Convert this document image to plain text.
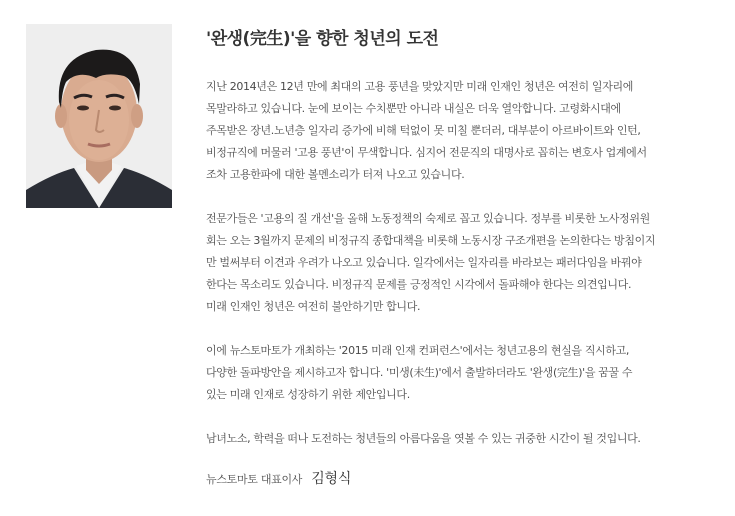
'완생(完生)'을 향한 청년의 도전
지난 2014년은 12년 만에 최대의 고용 풍년을 맞았지만 미래 인재인 청년은 여전히 일자리에
목말라하고 있습니다. 눈에 보이는 수치뿐만 아니라 내실은 더욱 열악합니다. 고령화시대에
주목받은 장년.노년층 일자리 증가에 비해 턱없이 못 미칠 뿐더러, 대부분이 아르바이트와 인턴,
비정규직에 머물러 '고용 풍년'이 무색합니다. 심지어 전문직의 대명사로 꼽히는 변호사 업계에서
조차 고용한파에 대한 볼멘소리가 터져 나오고 있습니다.
전문가들은 '고용의 질 개선'을 올해 노동정책의 숙제로 꼽고 있습니다. 정부를 비롯한 노사정위원
회는 오는 3월까지 문제의 비정규직 종합대책을 비롯해 노동시장 구조개편을 논의한다는 방침이지
만 벌써부터 이견과 우려가 나오고 있습니다. 일각에서는 일자리를 바라보는 패러다임을 바꿔야
한다는 목소리도 있습니다. 비정규직 문제를 긍정적인 시각에서 돌파해야 한다는 의견입니다.
미래 인재인 청년은 여전히 불안하기만 합니다.
이에 뉴스토마토가 개최하는 '2015 미래 인재 컨퍼런스'에서는 청년고용의 현실을 직시하고,
다양한 돌파방안을 제시하고자 합니다. '미생(未生)'에서 출발하더라도 '완생(完生)'을 꿈꿀 수
있는 미래 인재로 성장하기 위한 제안입니다.
남녀노소, 학력을 떠나 도전하는 청년들의 아름다움을 엿볼 수 있는 귀중한 시간이 될 것입니다.
뉴스토마토 대표이사 김형식
